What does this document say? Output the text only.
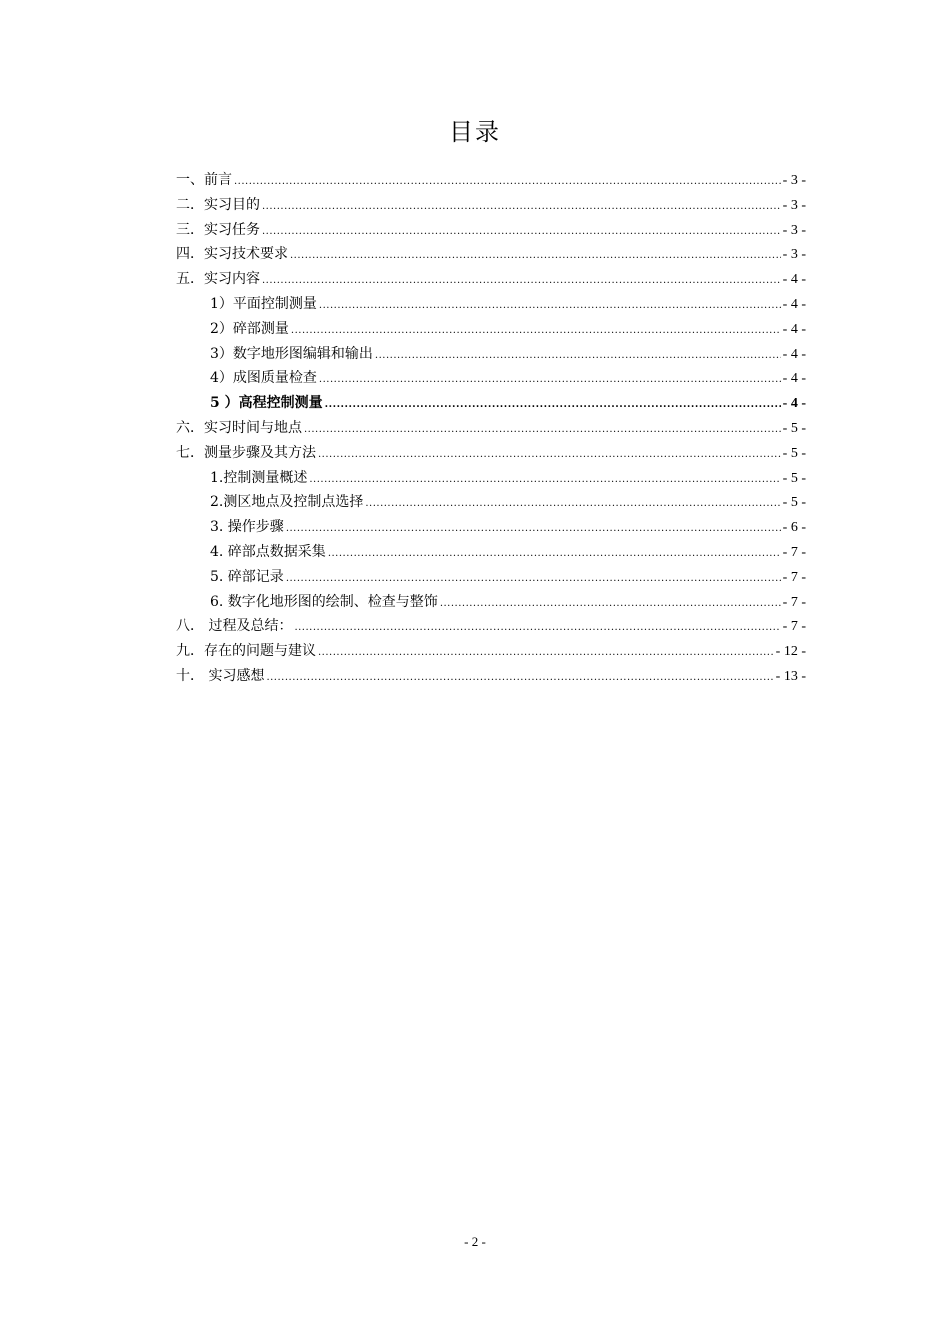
目录
一、前言 .....	- 3 -
二．实习目的 .....	- 3 -
三．实习任务 .....	- 3 -
四．实习技术要求 .....	- 3 -
五．实习内容 .....	- 4 -
1）平面控制测量 .....	- 4 -
2）碎部测量 .....	- 4 -
3）数字地形图编辑和输出 .....	- 4 -
4）成图质量检查 .....	- 4 -
5 ）高程控制测量 .....	- 4 -
六．实习时间与地点 .....	- 5 -
七．测量步骤及其方法 .....	- 5 -
1.控制测量概述 .....	- 5 -
2.测区地点及控制点选择 .....	- 5 -
3. 操作步骤 .....	- 6 -
4. 碎部点数据采集 .....	- 7 -
5. 碎部记录 .....	- 7 -
6. 数字化地形图的绘制、检查与整饰 .....	- 7 -
八． 过程及总结： .....	- 7 -
九．存在的问题与建议 .....	- 12 -
十． 实习感想 .....	- 13 -
- 2 -
